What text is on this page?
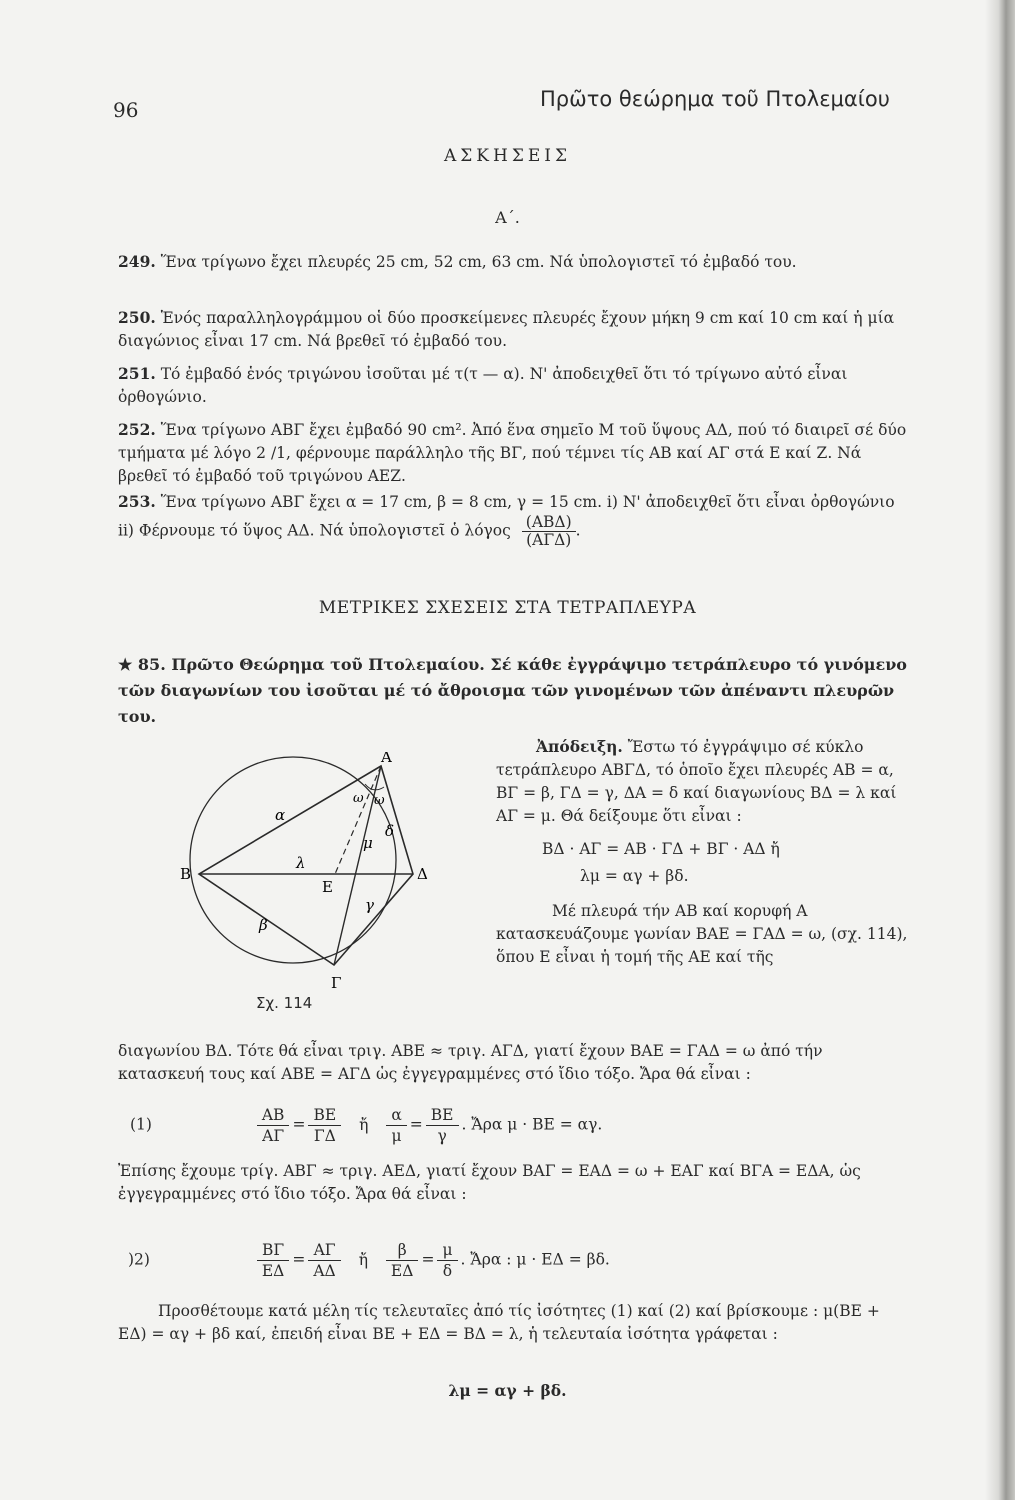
96	Πρῶτο θεώρημα τοῦ Πτολεμαίου
ΑΣΚΗΣΕΙΣ
Α΄.
249. Ἕνα τρίγωνο ἔχει πλευρές 25 cm, 52 cm, 63 cm. Νά ὑπολογιστεῖ τό ἐμβαδό του.
250. Ἑνός παραλληλογράμμου οἱ δύο προσκείμενες πλευρές ἔχουν μήκη 9 cm καί 10 cm καί ἡ μία διαγώνιος εἶναι 17 cm. Νά βρεθεῖ τό ἐμβαδό του.
251. Τό ἐμβαδό ἑνός τριγώνου ἰσοῦται μέ τ(τ — α). Ν' ἀποδειχθεῖ ὅτι τό τρίγωνο αὐτό εἶναι ὀρθογώνιο.
252. Ἕνα τρίγωνο ΑΒΓ ἔχει ἐμβαδό 90 cm². Ἀπό ἕνα σημεῖο Μ τοῦ ὕψους ΑΔ, πού τό διαιρεῖ σέ δύο τμήματα μέ λόγο 2 /1, φέρνουμε παράλληλο τῆς ΒΓ, πού τέμνει τίς ΑΒ καί ΑΓ στά Ε καί Ζ. Νά βρεθεῖ τό ἐμβαδό τοῦ τριγώνου ΑΕΖ.
253. Ἕνα τρίγωνο ΑΒΓ ἔχει α = 17 cm, β = 8 cm, γ = 15 cm. i) Ν' ἀποδειχθεῖ ὅτι εἶναι ὀρθογώνιο ii) Φέρνουμε τό ὕψος ΑΔ. Νά ὑπολογιστεῖ ὁ λόγος $\frac{\text{(ΑΒΔ)}}{\text{(ΑΓΔ)}}$ .
ΜΕΤΡΙΚΕΣ ΣΧΕΣΕΙΣ ΣΤΑ ΤΕΤΡΑΠΛΕΥΡΑ
★ 85. Πρῶτο Θεώρημα τοῦ Πτολεμαίου. Σέ κάθε ἐγγράψιμο τετράπλευρο τό γινόμενο τῶν διαγωνίων του ἰσοῦται μέ τό ἄθροισμα τῶν γινομένων τῶν ἀπέναντι πλευρῶν του.
Ἀπόδειξη. Ἔστω τό ἐγγράψιμο σέ κύκλο τετράπλευρο ΑΒΓΔ, τό ὁποῖο ἔχει πλευρές ΑΒ = α, ΒΓ = β, ΓΔ = γ, ΔΑ = δ καί διαγωνίους ΒΔ = λ καί ΑΓ = μ. Θά δείξουμε ὅτι εἶναι :
ΒΔ · ΑΓ = ΑΒ · ΓΔ + ΒΓ · ΑΔ ἤ
λμ = αγ + βδ.
Μέ πλευρά τήν ΑΒ καί κορυφή Α κατασκευάζουμε γωνίαν ΒΑΕ = ΓΑΔ = ω, (σχ. 114), ὅπου Ε εἶναι ἡ τομή τῆς ΑΕ καί τῆς
Α
Β
Γ
Δ
Ε
α
β
γ
δ
λ
μ
ω ω
Σχ. 114
διαγωνίου ΒΔ. Τότε θά εἶναι τριγ. ΑΒΕ ≈ τριγ. ΑΓΔ, γιατί ἔχουν ΒΑΕ = ΓΑΔ = ω ἀπό τήν κατασκευή τους καί ΑΒΕ = ΑΓΔ ὡς ἐγγεγραμμένες στό ἴδιο τόξο. Ἄρα θά εἶναι :
(1)	$\frac{AB}{A\Gamma} = \frac{BE}{\Gamma\Delta}$ ἤ $\frac{\alpha}{\mu} = \frac{BE}{\gamma}$ . Ἄρα μ · ΒΕ = αγ.
Ἐπίσης ἔχουμε τρίγ. ΑΒΓ ≈ τριγ. ΑΕΔ, γιατί ἔχουν ΒΑΓ = ΕΑΔ = ω + ΕΑΓ καί ΒΓΑ = ΕΔΑ, ὡς ἐγγεγραμμένες στό ἴδιο τόξο. Ἄρα θά εἶναι :
)2)	$\frac{B\Gamma}{E\Delta} = \frac{A\Gamma}{A\Delta}$ ἤ $\frac{\beta}{E\Delta} = \frac{\mu}{\delta}$ . Ἄρα : μ · ΕΔ = βδ.
Προσθέτουμε κατά μέλη τίς τελευταῖες ἀπό τίς ἰσότητες (1) καί (2) καί βρίσκουμε : μ(ΒΕ + ΕΔ) = αγ + βδ καί, ἐπειδή εἶναι ΒΕ + ΕΔ = ΒΔ = λ, ἡ τελευταία ἰσότητα γράφεται :
λμ = αγ + βδ.
